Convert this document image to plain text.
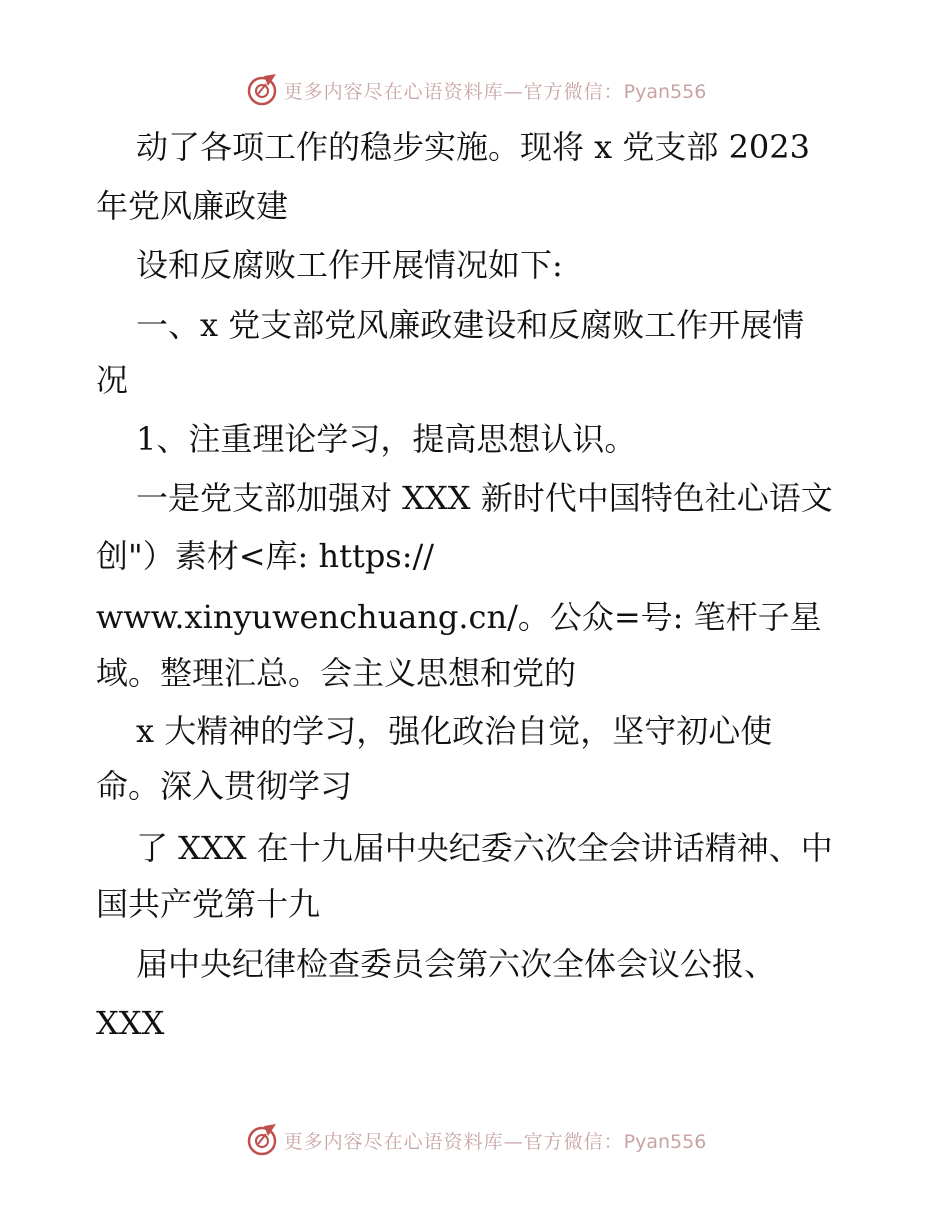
更多内容尽在心语资料库—官方微信：Pyan556
动了各项工作的稳步实施。现将 x 党支部 2023
年党风廉政建
设和反腐败工作开展情况如下:
一、x 党支部党风廉政建设和反腐败工作开展情
况
1、注重理论学习，提高思想认识。
一是党支部加强对 XXX 新时代中国特色社心语文
创"）素材<库: https://
www.xinyuwenchuang.cn/。公众=号: 笔杆子星
域。整理汇总。会主义思想和党的
x 大精神的学习，强化政治自觉，坚守初心使
命。深入贯彻学习
了 XXX 在十九届中央纪委六次全会讲话精神、中
国共产党第十九
届中央纪律检查委员会第六次全体会议公报、
XXX
更多内容尽在心语资料库—官方微信：Pyan556
